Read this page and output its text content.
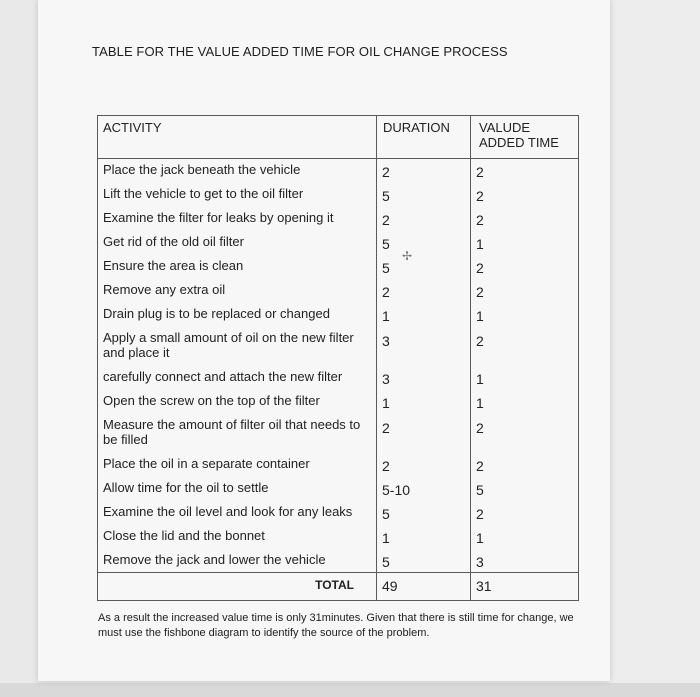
TABLE FOR THE VALUE ADDED TIME FOR OIL CHANGE PROCESS
ACTIVITY	DURATION	VALUDE ADDED TIME
Place the jack beneath the vehicle	2	2
Lift the vehicle to get to the oil filter	5	2
Examine the filter for leaks by opening it	2	2
Get rid of the old oil filter	5	1
Ensure the area is clean	5	2
Remove any extra oil	2	2
Drain plug is to be replaced or changed	1	1
Apply a small amount of oil on the new filter and place it	3	2
carefully connect and attach the new filter	3	1
Open the screw on the top of the filter	1	1
Measure the amount of filter oil that needs to be filled	2	2
Place the oil in a separate container	2	2
Allow time for the oil to settle	5-10	5
Examine the oil level and look for any leaks	5	2
Close the lid and the bonnet	1	1
Remove the jack and lower the vehicle	5	3
TOTAL	49	31
✢
As a result the increased value time is only 31minutes. Given that there is still time for change, we must use the fishbone diagram to identify the source of the problem.
